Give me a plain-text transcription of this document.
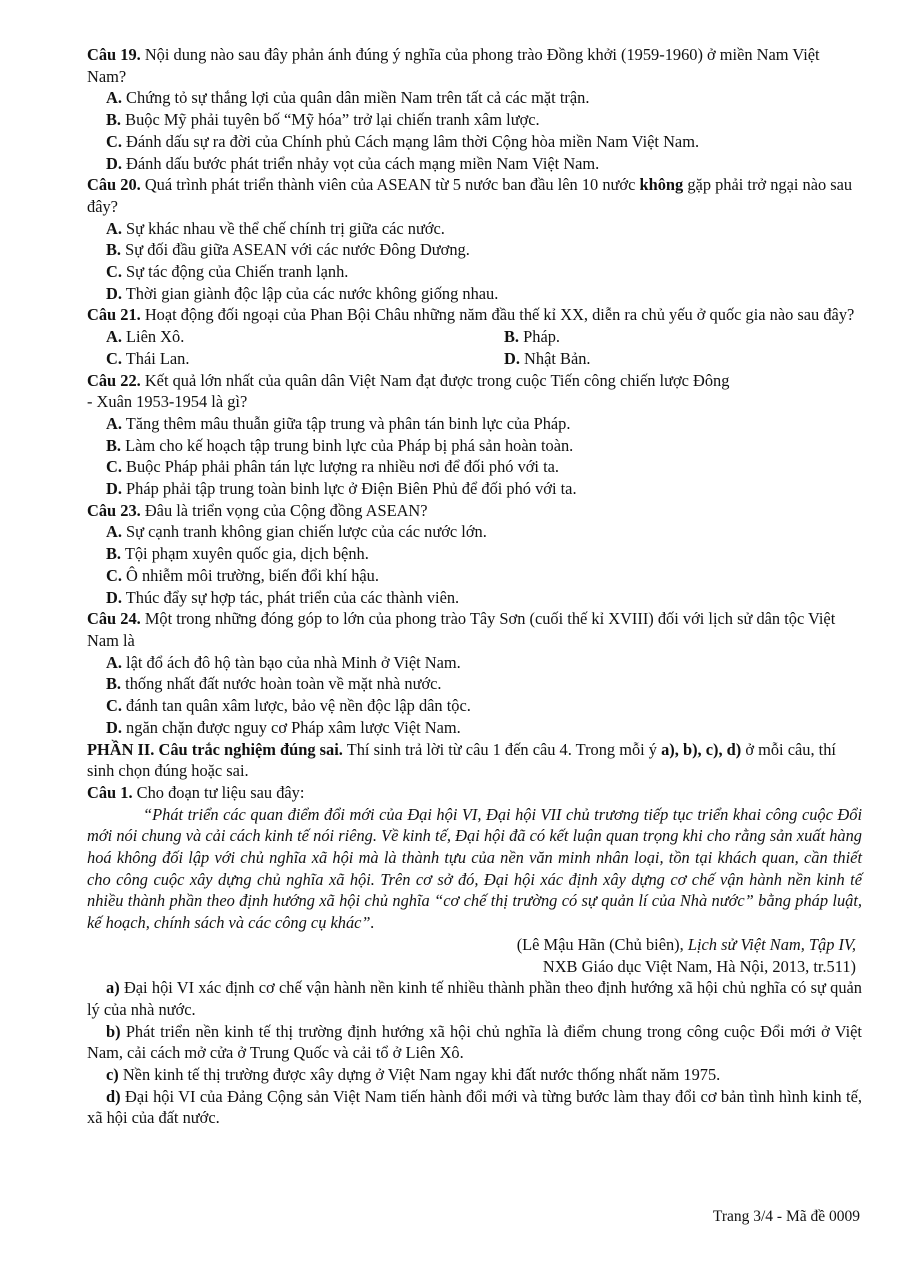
Câu 19. Nội dung nào sau đây phản ánh đúng ý nghĩa của phong trào Đồng khởi (1959-1960) ở miền Nam Việt Nam?

A. Chứng tỏ sự thắng lợi của quân dân miền Nam trên tất cả các mặt trận.

B. Buộc Mỹ phải tuyên bố “Mỹ hóa” trở lại chiến tranh xâm lược.

C. Đánh dấu sự ra đời của Chính phủ Cách mạng lâm thời Cộng hòa miền Nam Việt Nam.

D. Đánh dấu bước phát triển nhảy vọt của cách mạng miền Nam Việt Nam.

Câu 20. Quá trình phát triển thành viên của ASEAN từ 5 nước ban đầu lên 10 nước không gặp phải trở ngại nào sau đây?

A. Sự khác nhau về thể chế chính trị giữa các nước.

B. Sự đối đầu giữa ASEAN với các nước Đông Dương.

C. Sự tác động của Chiến tranh lạnh.

D. Thời gian giành độc lập của các nước không giống nhau.

Câu 21. Hoạt động đối ngoại của Phan Bội Châu những năm đầu thế kỉ XX, diễn ra chủ yếu ở quốc gia nào sau đây?

A. Liên Xô.	B. Pháp.
C. Thái Lan.	D. Nhật Bản.

Câu 22. Kết quả lớn nhất của quân dân Việt Nam đạt được trong cuộc Tiến công chiến lược Đông
- Xuân 1953-1954 là gì?

A. Tăng thêm mâu thuẫn giữa tập trung và phân tán binh lực của Pháp.

B. Làm cho kế hoạch tập trung binh lực của Pháp bị phá sản hoàn toàn.

C. Buộc Pháp phải phân tán lực lượng ra nhiều nơi để đối phó với ta.

D. Pháp phải tập trung toàn binh lực ở Điện Biên Phủ để đối phó với ta.

Câu 23. Đâu là triển vọng của Cộng đồng ASEAN?

A. Sự cạnh tranh không gian chiến lược của các nước lớn.

B. Tội phạm xuyên quốc gia, dịch bệnh.

C. Ô nhiễm môi trường, biến đổi khí hậu.

D. Thúc đẩy sự hợp tác, phát triển của các thành viên.

Câu 24. Một trong những đóng góp to lớn của phong trào Tây Sơn (cuối thế kỉ XVIII) đối với lịch sử dân tộc Việt Nam là

A. lật đổ ách đô hộ tàn bạo của nhà Minh ở Việt Nam.

B. thống nhất đất nước hoàn toàn về mặt nhà nước.

C. đánh tan quân xâm lược, bảo vệ nền độc lập dân tộc.

D. ngăn chặn được nguy cơ Pháp xâm lược Việt Nam.

PHẦN II. Câu trắc nghiệm đúng sai. Thí sinh trả lời từ câu 1 đến câu 4. Trong mỗi ý a), b), c), d) ở mỗi câu, thí sinh chọn đúng hoặc sai.

Câu 1. Cho đoạn tư liệu sau đây:

“Phát triển các quan điểm đổi mới của Đại hội VI, Đại hội VII chủ trương tiếp tục triển khai công cuộc Đổi mới nói chung và cải cách kinh tế nói riêng. Về kinh tế, Đại hội đã có kết luận quan trọng khi cho rằng sản xuất hàng hoá không đối lập với chủ nghĩa xã hội mà là thành tựu của nền văn minh nhân loại, tồn tại khách quan, cần thiết cho công cuộc xây dựng chủ nghĩa xã hội. Trên cơ sở đó, Đại hội xác định xây dựng cơ chế vận hành nền kinh tế nhiều thành phần theo định hướng xã hội chủ nghĩa “cơ chế thị trường có sự quản lí của Nhà nước” bằng pháp luật, kế hoạch, chính sách và các công cụ khác”.

(Lê Mậu Hãn (Chủ biên), Lịch sử Việt Nam, Tập IV,

NXB Giáo dục Việt Nam, Hà Nội, 2013, tr.511)

a) Đại hội VI xác định cơ chế vận hành nền kinh tế nhiều thành phần theo định hướng xã hội chủ nghĩa có sự quản lý của nhà nước.

b) Phát triển nền kinh tế thị trường định hướng xã hội chủ nghĩa là điểm chung trong công cuộc Đổi mới ở Việt Nam, cải cách mở cửa ở Trung Quốc và cải tổ ở Liên Xô.

c) Nền kinh tế thị trường được xây dựng ở Việt Nam ngay khi đất nước thống nhất năm 1975.

d) Đại hội VI của Đảng Cộng sản Việt Nam tiến hành đổi mới và từng bước làm thay đổi cơ bản tình hình kinh tế, xã hội của đất nước.

Trang 3/4 - Mã đề 0009
